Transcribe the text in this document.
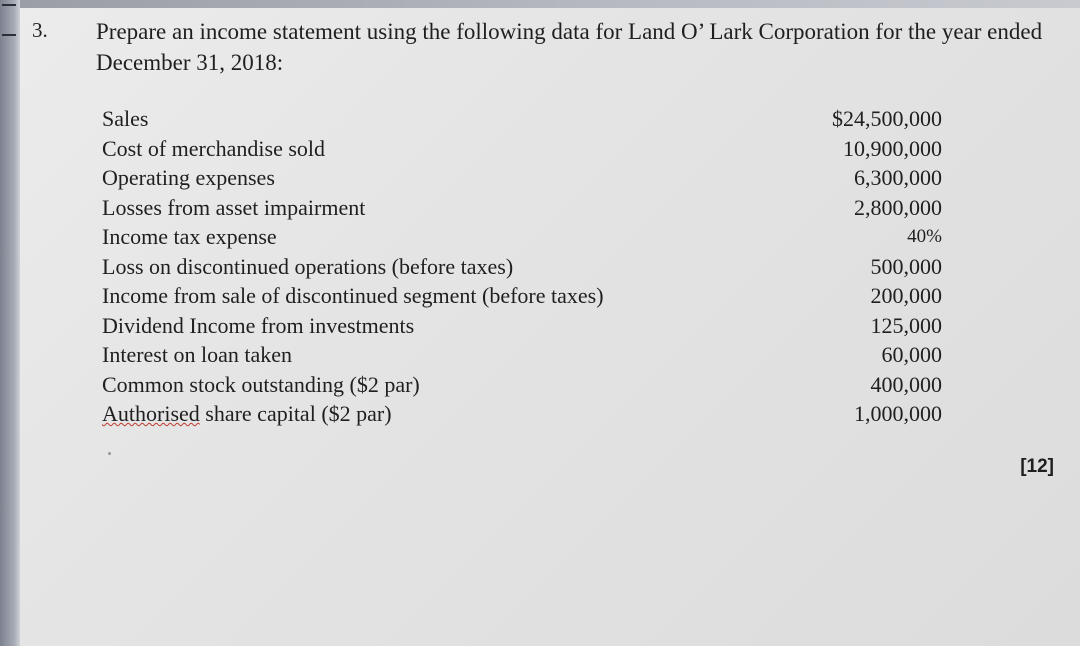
3. Prepare an income statement using the following data for Land O’ Lark Corporation for the year ended December 31, 2018:
Sales	$24,500,000
Cost of merchandise sold	10,900,000
Operating expenses	6,300,000
Losses from asset impairment	2,800,000
Income tax expense	40%
Loss on discontinued operations (before taxes)	500,000
Income from sale of discontinued segment (before taxes)	200,000
Dividend Income from investments	125,000
Interest on loan taken	60,000
Common stock outstanding ($2 par)	400,000
Authorised share capital ($2 par)	1,000,000
[12]
